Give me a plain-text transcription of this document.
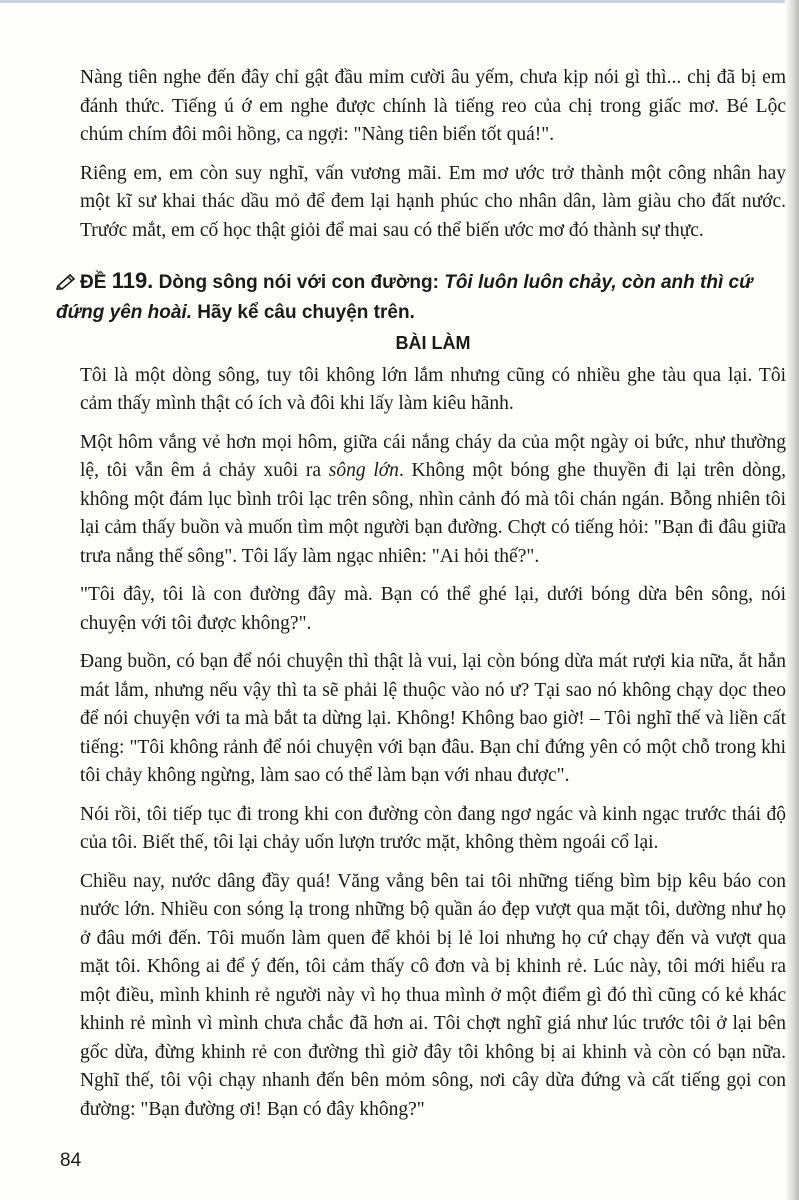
Nàng tiên nghe đến đây chỉ gật đầu mỉm cười âu yếm, chưa kịp nói gì thì... chị đã bị em đánh thức. Tiếng ú ớ em nghe được chính là tiếng reo của chị trong giấc mơ. Bé Lộc chúm chím đôi môi hồng, ca ngợi: "Nàng tiên biển tốt quá!".

Riêng em, em còn suy nghĩ, vấn vương mãi. Em mơ ước trở thành một công nhân hay một kĩ sư khai thác dầu mỏ để đem lại hạnh phúc cho nhân dân, làm giàu cho đất nước. Trước mắt, em cố học thật giỏi để mai sau có thể biến ước mơ đó thành sự thực.

ĐỀ 119. Dòng sông nói với con đường: Tôi luôn luôn chảy, còn anh thì cứ đứng yên hoài. Hãy kể câu chuyện trên.
BÀI LÀM

Tôi là một dòng sông, tuy tôi không lớn lắm nhưng cũng có nhiều ghe tàu qua lại. Tôi cảm thấy mình thật có ích và đôi khi lấy làm kiêu hãnh.

Một hôm vắng vẻ hơn mọi hôm, giữa cái nắng cháy da của một ngày oi bức, như thường lệ, tôi vẫn êm ả chảy xuôi ra sông lớn. Không một bóng ghe thuyền đi lại trên dòng, không một đám lục bình trôi lạc trên sông, nhìn cảnh đó mà tôi chán ngán. Bỗng nhiên tôi lại cảm thấy buồn và muốn tìm một người bạn đường. Chợt có tiếng hỏi: "Bạn đi đâu giữa trưa nắng thế sông". Tôi lấy làm ngạc nhiên: "Ai hỏi thế?".

"Tôi đây, tôi là con đường đây mà. Bạn có thể ghé lại, dưới bóng dừa bên sông, nói chuyện với tôi được không?".

Đang buồn, có bạn để nói chuyện thì thật là vui, lại còn bóng dừa mát rượi kia nữa, ắt hẳn mát lắm, nhưng nếu vậy thì ta sẽ phải lệ thuộc vào nó ư? Tại sao nó không chạy dọc theo để nói chuyện với ta mà bắt ta dừng lại. Không! Không bao giờ! – Tôi nghĩ thế và liền cất tiếng: "Tôi không rảnh để nói chuyện với bạn đâu. Bạn chỉ đứng yên có một chỗ trong khi tôi chảy không ngừng, làm sao có thể làm bạn với nhau được".

Nói rồi, tôi tiếp tục đi trong khi con đường còn đang ngơ ngác và kinh ngạc trước thái độ của tôi. Biết thế, tôi lại chảy uốn lượn trước mặt, không thèm ngoái cổ lại.

Chiều nay, nước dâng đầy quá! Văng vẳng bên tai tôi những tiếng bìm bịp kêu báo con nước lớn. Nhiều con sóng lạ trong những bộ quần áo đẹp vượt qua mặt tôi, dường như họ ở đâu mới đến. Tôi muốn làm quen để khỏi bị lẻ loi nhưng họ cứ chạy đến và vượt qua mặt tôi. Không ai để ý đến, tôi cảm thấy cô đơn và bị khinh rẻ. Lúc này, tôi mới hiểu ra một điều, mình khinh rẻ người này vì họ thua mình ở một điểm gì đó thì cũng có kẻ khác khinh rẻ mình vì mình chưa chắc đã hơn ai. Tôi chợt nghĩ giá như lúc trước tôi ở lại bên gốc dừa, đừng khinh rẻ con đường thì giờ đây tôi không bị ai khinh và còn có bạn nữa. Nghĩ thế, tôi vội chạy nhanh đến bên mỏm sông, nơi cây dừa đứng và cất tiếng gọi con đường: "Bạn đường ơi! Bạn có đây không?"

84
